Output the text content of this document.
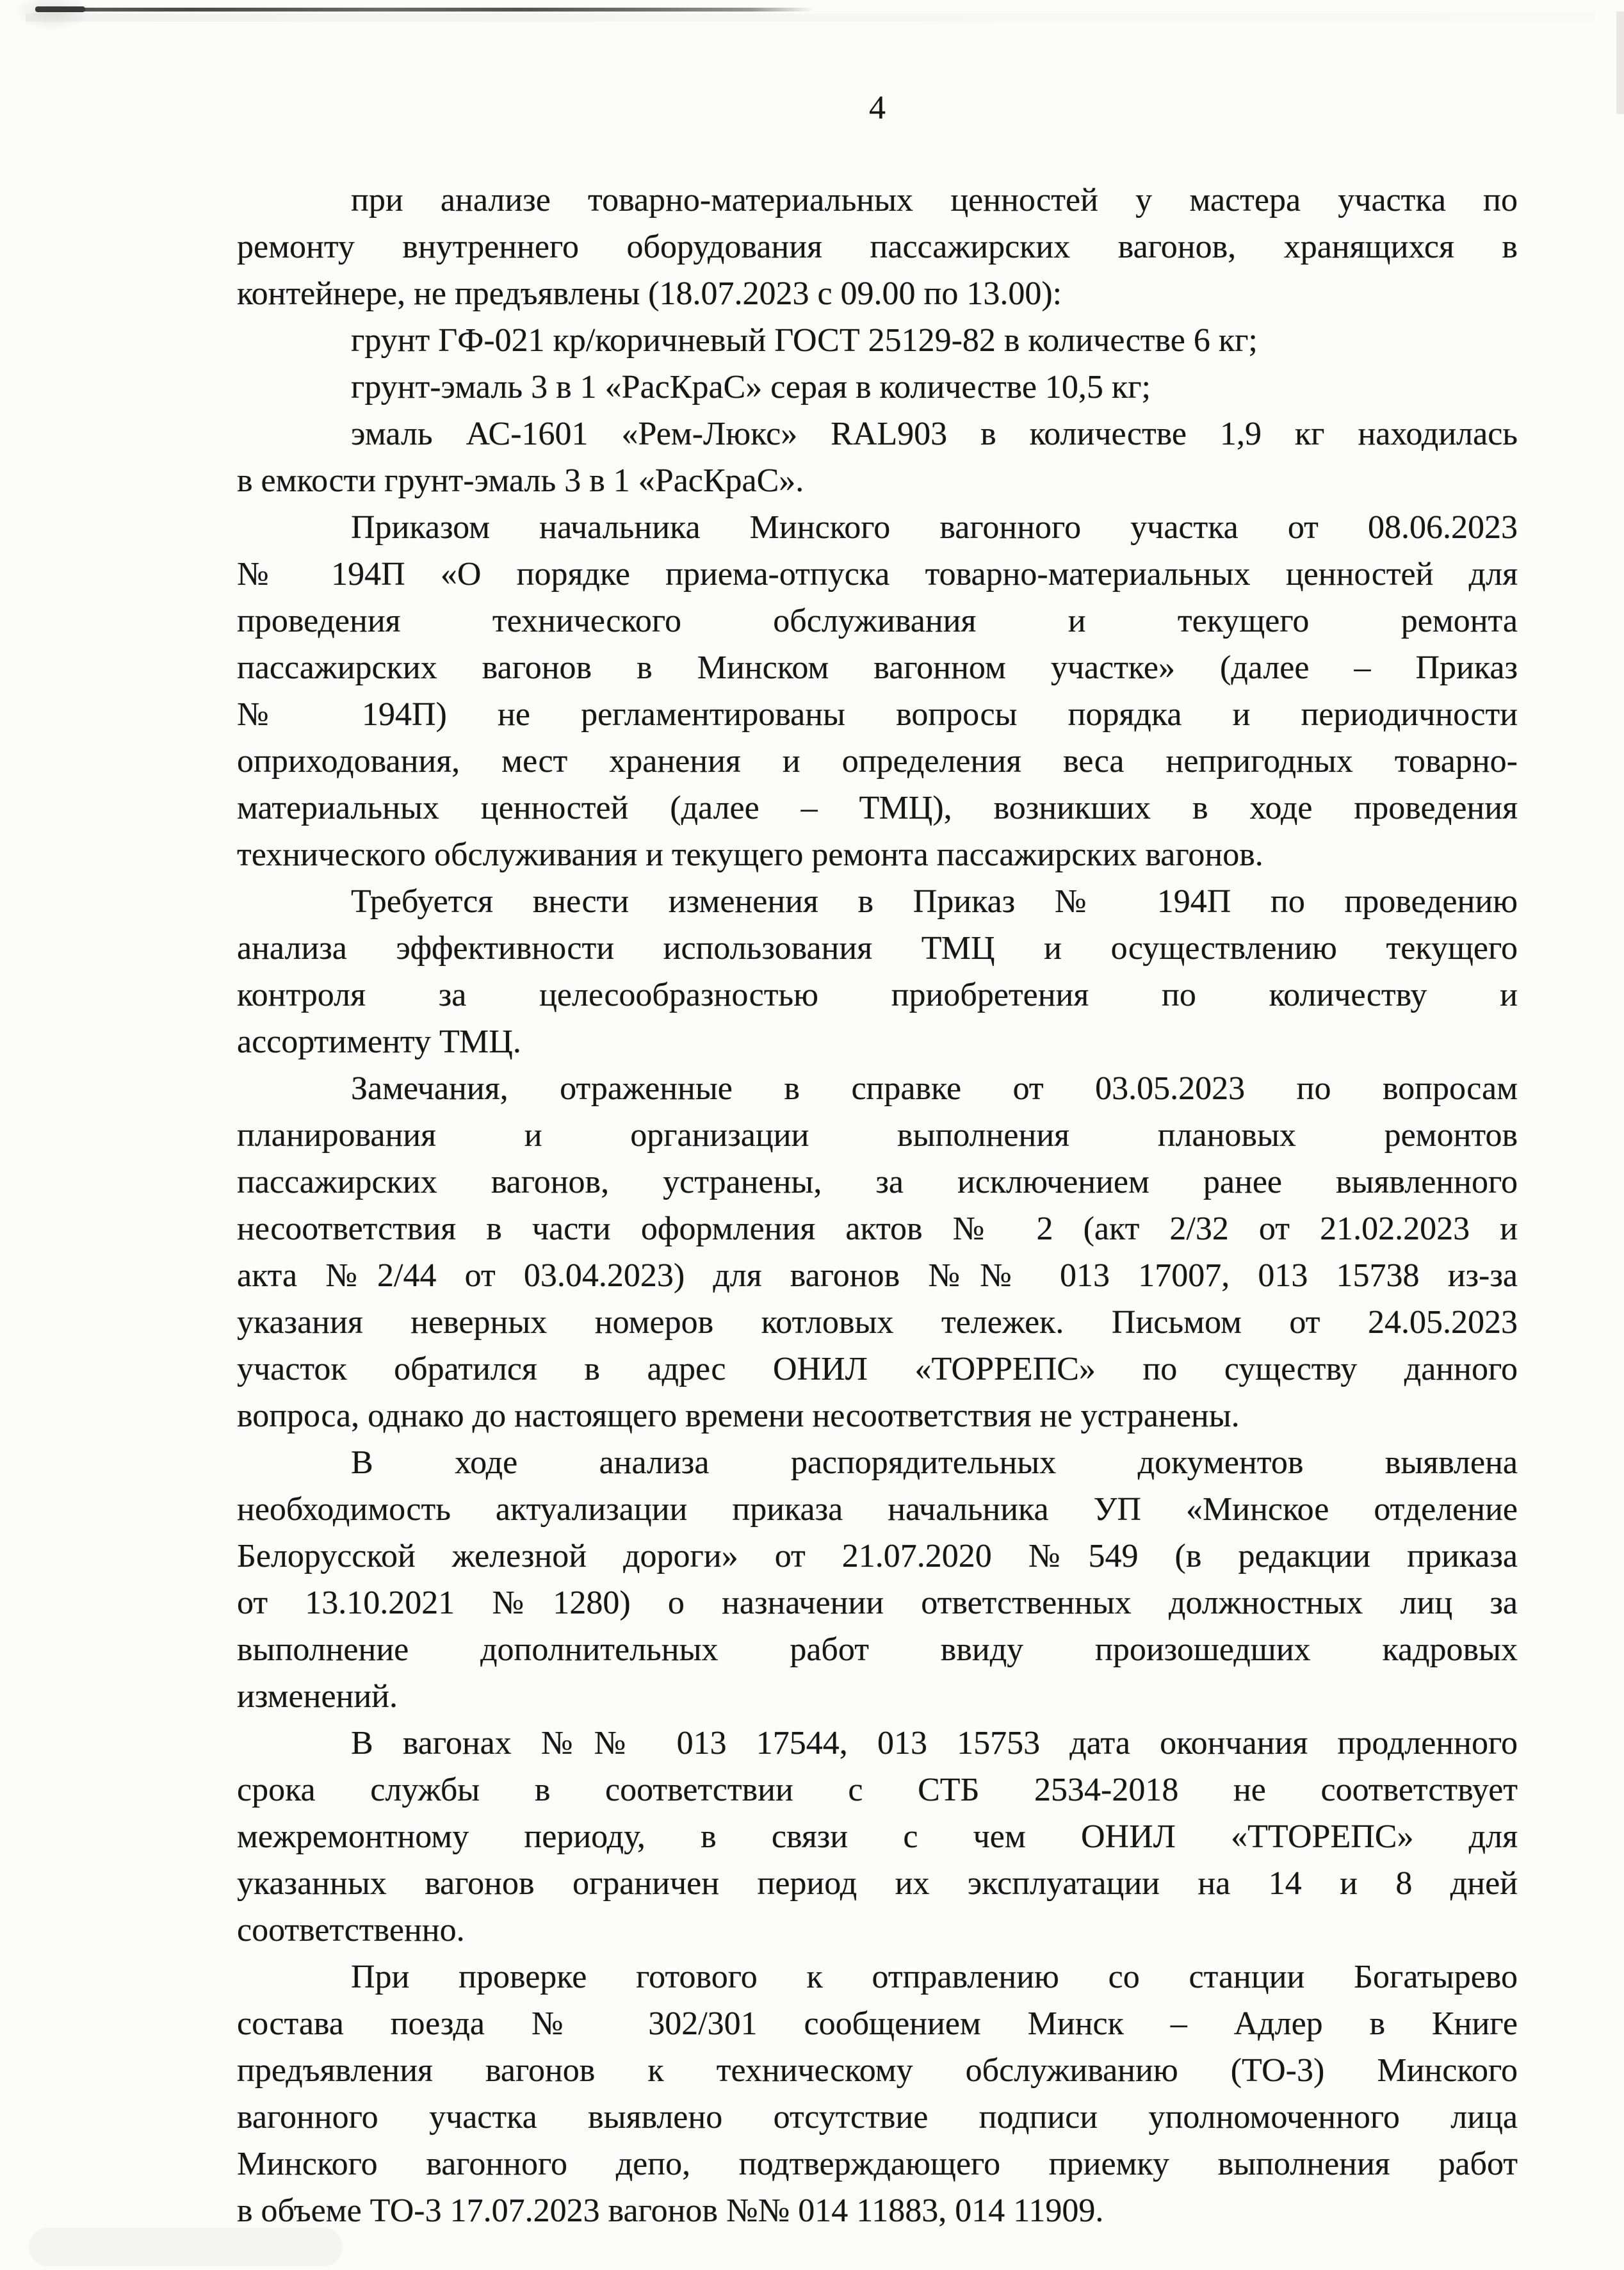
4
при анализе товарно-материальных ценностей у мастера участка по
ремонту внутреннего оборудования пассажирских вагонов, хранящихся в
контейнере, не предъявлены (18.07.2023 с 09.00 по 13.00):
грунт ГФ-021 кр/коричневый ГОСТ 25129-82 в количестве 6 кг;
грунт-эмаль 3 в 1 «РасКраС» серая в количестве 10,5 кг;
эмаль АС-1601 «Рем-Люкс» RAL903 в количестве 1,9 кг находилась
в емкости грунт-эмаль 3 в 1 «РасКраС».
Приказом начальника Минского вагонного участка от 08.06.2023
№ 194П «О порядке приема-отпуска товарно-материальных ценностей для
проведения технического обслуживания и текущего ремонта
пассажирских вагонов в Минском вагонном участке» (далее – Приказ
№ 194П) не регламентированы вопросы порядка и периодичности
оприходования, мест хранения и определения веса непригодных товарно-
материальных ценностей (далее – ТМЦ), возникших в ходе проведения
технического обслуживания и текущего ремонта пассажирских вагонов.
Требуется внести изменения в Приказ № 194П по проведению
анализа эффективности использования ТМЦ и осуществлению текущего
контроля за целесообразностью приобретения по количеству и
ассортименту ТМЦ.
Замечания, отраженные в справке от 03.05.2023 по вопросам
планирования и организации выполнения плановых ремонтов
пассажирских вагонов, устранены, за исключением ранее выявленного
несоответствия в части оформления актов № 2 (акт 2/32 от 21.02.2023 и
акта №2/44 от 03.04.2023) для вагонов №№ 013 17007, 013 15738 из-за
указания неверных номеров котловых тележек. Письмом от 24.05.2023
участок обратился в адрес ОНИЛ «ТОРРЕПС» по существу данного
вопроса, однако до настоящего времени несоответствия не устранены.
В ходе анализа распорядительных документов выявлена
необходимость актуализации приказа начальника УП «Минское отделение
Белорусской железной дороги» от 21.07.2020 №549 (в редакции приказа
от 13.10.2021 №1280) о назначении ответственных должностных лиц за
выполнение дополнительных работ ввиду произошедших кадровых
изменений.
В вагонах №№ 013 17544, 013 15753 дата окончания продленного
срока службы в соответствии с СТБ 2534-2018 не соответствует
межремонтному периоду, в связи с чем ОНИЛ «ТТОРЕПС» для
указанных вагонов ограничен период их эксплуатации на 14 и 8 дней
соответственно.
При проверке готового к отправлению со станции Богатырево
состава поезда № 302/301 сообщением Минск – Адлер в Книге
предъявления вагонов к техническому обслуживанию (ТО-3) Минского
вагонного участка выявлено отсутствие подписи уполномоченного лица
Минского вагонного депо, подтверждающего приемку выполнения работ
в объеме ТО-3 17.07.2023 вагонов №№ 014 11883, 014 11909.
